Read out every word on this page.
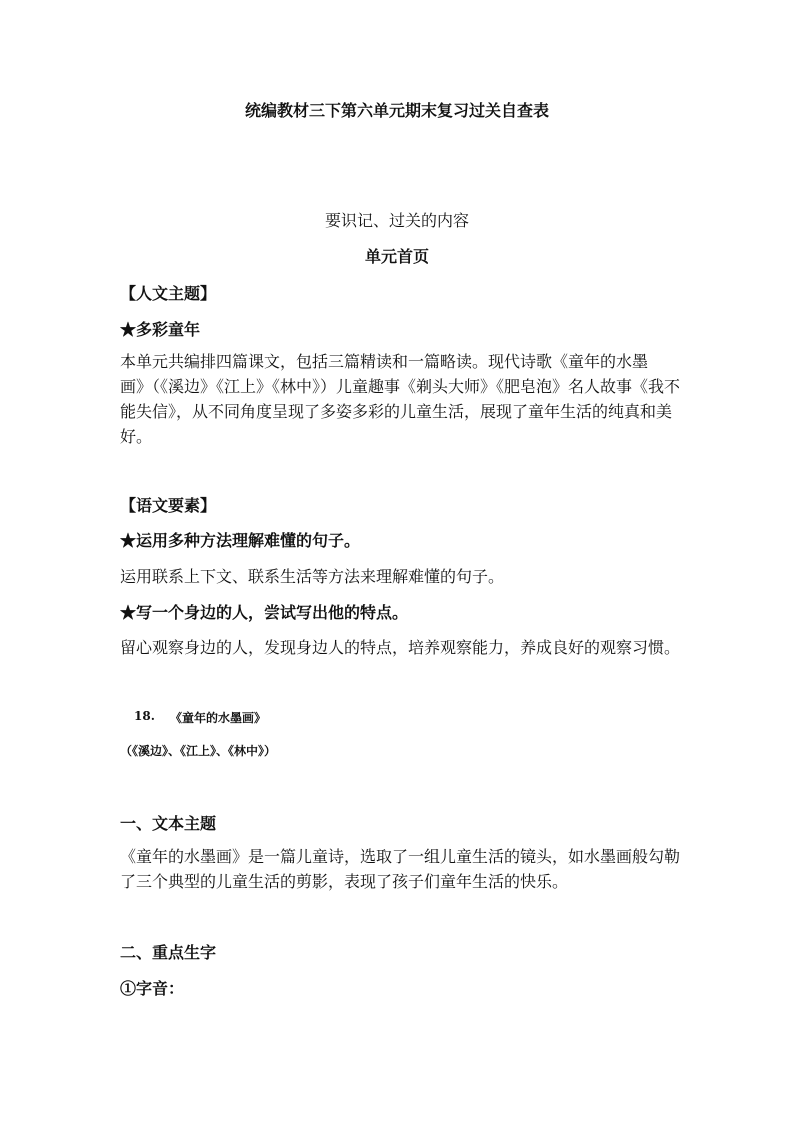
统编教材三下第六单元期末复习过关自查表
要识记、过关的内容
单元首页
【人文主题】
★多彩童年
本单元共编排四篇课文，包括三篇精读和一篇略读。现代诗歌《童年的水墨画》（《溪边》《江上》《林中》）儿童趣事《剃头大师》《肥皂泡》名人故事《我不能失信》，从不同角度呈现了多姿多彩的儿童生活，展现了童年生活的纯真和美好。
【语文要素】
★运用多种方法理解难懂的句子。
运用联系上下文、联系生活等方法来理解难懂的句子。
★写一个身边的人，尝试写出他的特点。
留心观察身边的人，发现身边人的特点，培养观察能力，养成良好的观察习惯。
18. 《童年的水墨画》
（《溪边》、《江上》、《林中》）
一、文本主题
《童年的水墨画》是一篇儿童诗，选取了一组儿童生活的镜头，如水墨画般勾勒了三个典型的儿童生活的剪影，表现了孩子们童年生活的快乐。
二、重点生字
①字音：
